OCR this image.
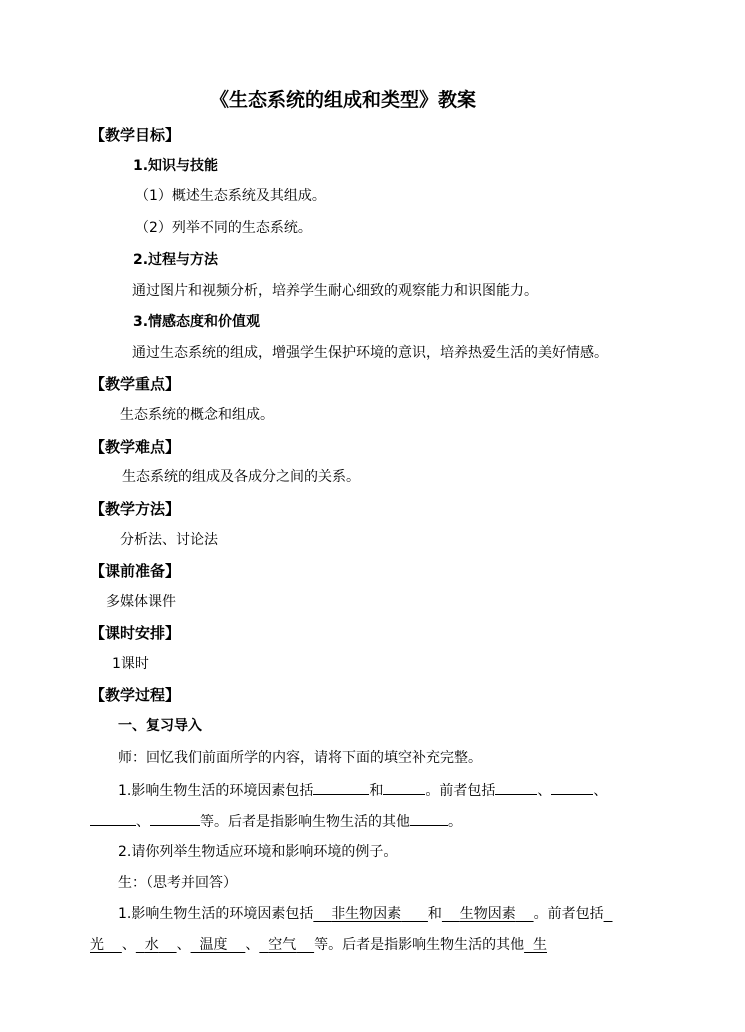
《生态系统的组成和类型》教案
【教学目标】
1.知识与技能
（1）概述生态系统及其组成。
（2）列举不同的生态系统。
2.过程与方法
通过图片和视频分析，培养学生耐心细致的观察能力和识图能力。
3.情感态度和价值观
通过生态系统的组成，增强学生保护环境的意识，培养热爱生活的美好情感。
【教学重点】
生态系统的概念和组成。
【教学难点】
生态系统的组成及各成分之间的关系。
【教学方法】
分析法、讨论法
【课前准备】
多媒体课件
【课时安排】
1课时
【教学过程】
一、复习导入
师：回忆我们前面所学的内容，请将下面的填空补充完整。
1.影响生物生活的环境因素包括	和	。前者包括	、	、
、	等。后者是指影响生物生活的其他	。
2.请你列举生物适应环境和影响环境的例子。
生：（思考并回答）
1.影响生物生活的环境因素包括   非生物因素    和   生物因素   。前者包括 
光   、  水   、  温度   、  空气   等。后者是指影响生物生活的其他  生
